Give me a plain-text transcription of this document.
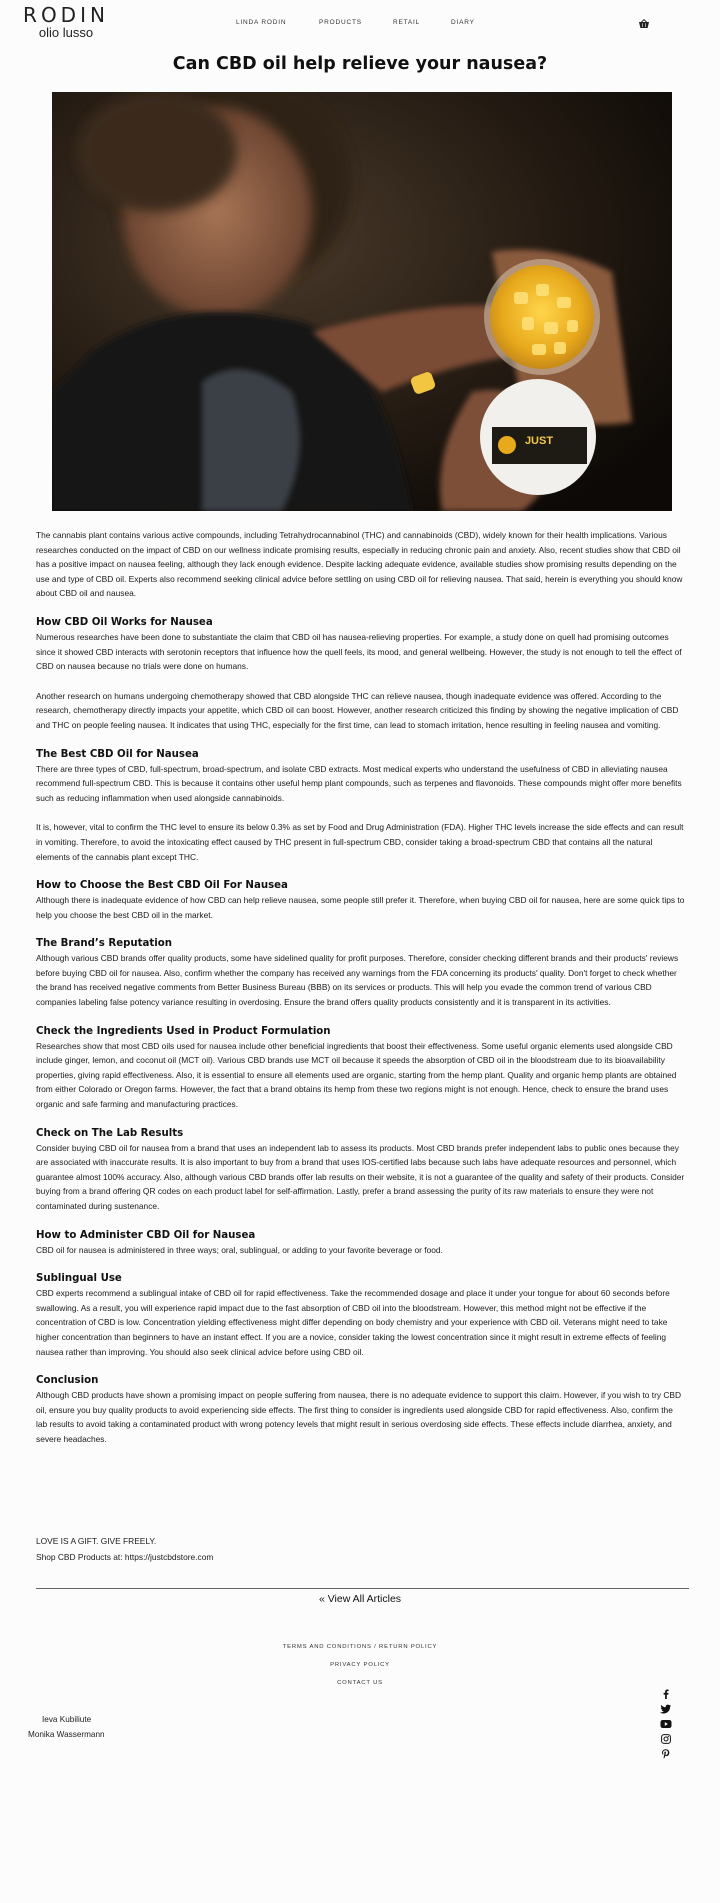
RODIN
olio lusso
LINDA RODIN	PRODUCTS	RETAIL	DIARY
Can CBD oil help relieve your nausea?
JUST

The cannabis plant contains various active compounds, including Tetrahydrocannabinol (THC) and cannabinoids (CBD), widely known for their health implications. Various researches conducted on the impact of CBD on our wellness indicate promising results, especially in reducing chronic pain and anxiety. Also, recent studies show that CBD oil has a positive impact on nausea feeling, although they lack enough evidence. Despite lacking adequate evidence, available studies show promising results depending on the use and type of CBD oil. Experts also recommend seeking clinical advice before settling on using CBD oil for relieving nausea. That said, herein is everything you should know about CBD oil and nausea.

How CBD Oil Works for Nausea

Numerous researches have been done to substantiate the claim that CBD oil has nausea-relieving properties. For example, a study done on quell had promising outcomes since it showed CBD interacts with serotonin receptors that influence how the quell feels, its mood, and general wellbeing. However, the study is not enough to tell the effect of CBD on nausea because no trials were done on humans.

Another research on humans undergoing chemotherapy showed that CBD alongside THC can relieve nausea, though inadequate evidence was offered. According to the research, chemotherapy directly impacts your appetite, which CBD oil can boost. However, another research criticized this finding by showing the negative implication of CBD and THC on people feeling nausea. It indicates that using THC, especially for the first time, can lead to stomach irritation, hence resulting in feeling nausea and vomiting.

The Best CBD Oil for Nausea

There are three types of CBD, full-spectrum, broad-spectrum, and isolate CBD extracts. Most medical experts who understand the usefulness of CBD in alleviating nausea recommend full-spectrum CBD. This is because it contains other useful hemp plant compounds, such as terpenes and flavonoids. These compounds might offer more benefits such as reducing inflammation when used alongside cannabinoids.

It is, however, vital to confirm the THC level to ensure its below 0.3% as set by Food and Drug Administration (FDA). Higher THC levels increase the side effects and can result in vomiting. Therefore, to avoid the intoxicating effect caused by THC present in full-spectrum CBD, consider taking a broad-spectrum CBD that contains all the natural elements of the cannabis plant except THC.

How to Choose the Best CBD Oil For Nausea

Although there is inadequate evidence of how CBD can help relieve nausea, some people still prefer it. Therefore, when buying CBD oil for nausea, here are some quick tips to help you choose the best CBD oil in the market.

The Brand’s Reputation

Although various CBD brands offer quality products, some have sidelined quality for profit purposes. Therefore, consider checking different brands and their products' reviews before buying CBD oil for nausea. Also, confirm whether the company has received any warnings from the FDA concerning its products' quality. Don't forget to check whether the brand has received negative comments from Better Business Bureau (BBB) on its services or products. This will help you evade the common trend of various CBD companies labeling false potency variance resulting in overdosing. Ensure the brand offers quality products consistently and it is transparent in its activities.

Check the Ingredients Used in Product Formulation

Researches show that most CBD oils used for nausea include other beneficial ingredients that boost their effectiveness. Some useful organic elements used alongside CBD include ginger, lemon, and coconut oil (MCT oil). Various CBD brands use MCT oil because it speeds the absorption of CBD oil in the bloodstream due to its bioavailability properties, giving rapid effectiveness. Also, it is essential to ensure all elements used are organic, starting from the hemp plant. Quality and organic hemp plants are obtained from either Colorado or Oregon farms. However, the fact that a brand obtains its hemp from these two regions might is not enough. Hence, check to ensure the brand uses organic and safe farming and manufacturing practices.

Check on The Lab Results

Consider buying CBD oil for nausea from a brand that uses an independent lab to assess its products. Most CBD brands prefer independent labs to public ones because they are associated with inaccurate results. It is also important to buy from a brand that uses IOS-certified labs because such labs have adequate resources and personnel, which guarantee almost 100% accuracy. Also, although various CBD brands offer lab results on their website, it is not a guarantee of the quality and safety of their products. Consider buying from a brand offering QR codes on each product label for self-affirmation. Lastly, prefer a brand assessing the purity of its raw materials to ensure they were not contaminated during sustenance.

How to Administer CBD Oil for Nausea

CBD oil for nausea is administered in three ways; oral, sublingual, or adding to your favorite beverage or food.

Sublingual Use

CBD experts recommend a sublingual intake of CBD oil for rapid effectiveness. Take the recommended dosage and place it under your tongue for about 60 seconds before swallowing. As a result, you will experience rapid impact due to the fast absorption of CBD oil into the bloodstream. However, this method might not be effective if the concentration of CBD is low. Concentration yielding effectiveness might differ depending on body chemistry and your experience with CBD oil. Veterans might need to take higher concentration than beginners to have an instant effect. If you are a novice, consider taking the lowest concentration since it might result in extreme effects of feeling nausea rather than improving. You should also seek clinical advice before using CBD oil.

Conclusion

Although CBD products have shown a promising impact on people suffering from nausea, there is no adequate evidence to support this claim. However, if you wish to try CBD oil, ensure you buy quality products to avoid experiencing side effects. The first thing to consider is ingredients used alongside CBD for rapid effectiveness. Also, confirm the lab results to avoid taking a contaminated product with wrong potency levels that might result in serious overdosing side effects. These effects include diarrhea, anxiety, and severe headaches.

LOVE IS A GIFT. GIVE FREELY.
Shop CBD Products at: https://justcbdstore.com
« View All Articles
TERMS AND CONDITIONS / RETURN POLICY
PRIVACY POLICY
CONTACT US
Ieva Kubiliute
Monika Wassermann
